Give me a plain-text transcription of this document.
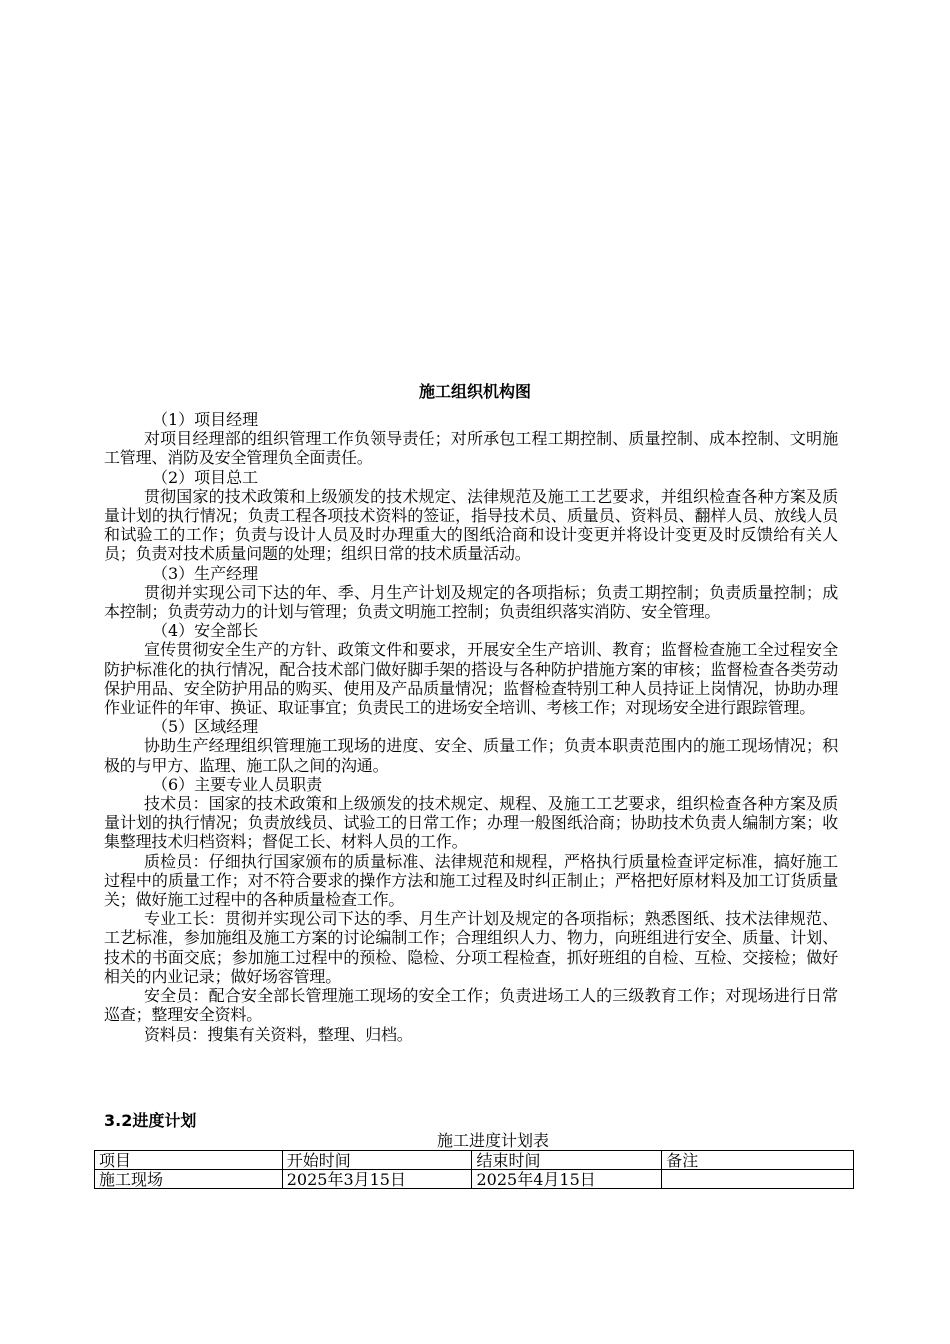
施工组织机构图

（1）项目经理

对项目经理部的组织管理工作负领导责任；对所承包工程工期控制、质量控制、成本控制、文明施工管理、消防及安全管理负全面责任。

（2）项目总工

贯彻国家的技术政策和上级颁发的技术规定、法律规范及施工工艺要求，并组织检查各种方案及质量计划的执行情况；负责工程各项技术资料的签证，指导技术员、质量员、资料员、翻样人员、放线人员和试验工的工作；负责与设计人员及时办理重大的图纸洽商和设计变更并将设计变更及时反馈给有关人员；负责对技术质量问题的处理；组织日常的技术质量活动。

（3）生产经理

贯彻并实现公司下达的年、季、月生产计划及规定的各项指标；负责工期控制；负责质量控制；成本控制；负责劳动力的计划与管理；负责文明施工控制；负责组织落实消防、安全管理。

（4）安全部长

宣传贯彻安全生产的方针、政策文件和要求，开展安全生产培训、教育；监督检查施工全过程安全防护标准化的执行情况，配合技术部门做好脚手架的搭设与各种防护措施方案的审核；监督检查各类劳动保护用品、安全防护用品的购买、使用及产品质量情况；监督检查特别工种人员持证上岗情况，协助办理作业证件的年审、换证、取证事宜；负责民工的进场安全培训、考核工作；对现场安全进行跟踪管理。

（5）区域经理

协助生产经理组织管理施工现场的进度、安全、质量工作；负责本职责范围内的施工现场情况；积极的与甲方、监理、施工队之间的沟通。

（6）主要专业人员职责

技术员：国家的技术政策和上级颁发的技术规定、规程、及施工工艺要求，组织检查各种方案及质量计划的执行情况；负责放线员、试验工的日常工作；办理一般图纸洽商；协助技术负责人编制方案；收集整理技术归档资料；督促工长、材料人员的工作。

质检员：仔细执行国家颁布的质量标准、法律规范和规程，严格执行质量检查评定标准，搞好施工过程中的质量工作；对不符合要求的操作方法和施工过程及时纠正制止；严格把好原材料及加工订货质量关；做好施工过程中的各种质量检查工作。

专业工长：贯彻并实现公司下达的季、月生产计划及规定的各项指标；熟悉图纸、技术法律规范、工艺标准，参加施组及施工方案的讨论编制工作；合理组织人力、物力，向班组进行安全、质量、计划、技术的书面交底；参加施工过程中的预检、隐检、分项工程检查，抓好班组的自检、互检、交接检；做好相关的内业记录；做好场容管理。

安全员：配合安全部长管理施工现场的安全工作；负责进场工人的三级教育工作；对现场进行日常巡查；整理安全资料。

资料员：搜集有关资料，整理、归档。

3.2进度计划
施工进度计划表
项目	开始时间	结束时间	备注
施工现场	2025年3月15日	2025年4月15日	
